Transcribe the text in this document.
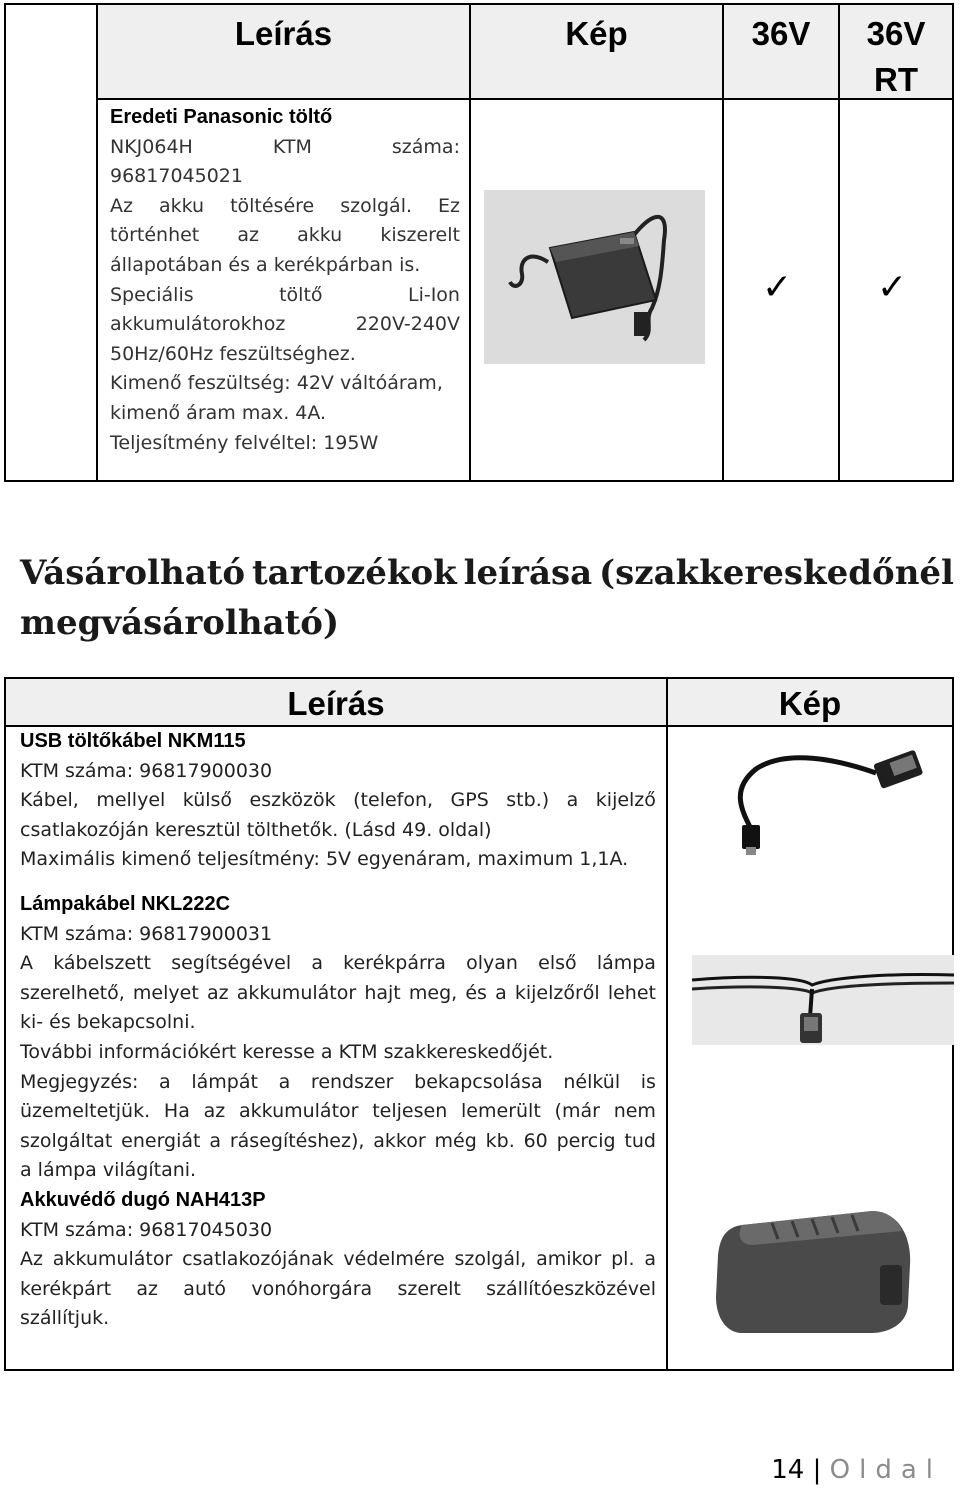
Leírás	Kép	36V	36V
RT
Eredeti Panasonic töltő
NKJ064H	KTM	száma:
96817045021
Az akku töltésére szolgál. Ez
történhet az akku kiszerelt
állapotában és a kerékpárban is.
Speciális	töltő	Li-Ion
akkumulátorokhoz	220V-240V
50Hz/60Hz feszültséghez.
Kimenő feszültség: 42V váltóáram,
kimenő áram max. 4A.
Teljesítmény felvéltel: 195W
✓ ✓
Vásárolható tartozékok leírása (szakkereskedőnél
megvásárolható)
Leírás	Kép
USB töltőkábel NKM115
KTM száma: 96817900030
Kábel, mellyel külső eszközök (telefon, GPS stb.) a kijelző
csatlakozóján keresztül tölthetők. (Lásd 49. oldal)
Maximális kimenő teljesítmény: 5V egyenáram, maximum 1,1A.
Lámpakábel NKL222C
KTM száma: 96817900031
A kábelszett segítségével a kerékpárra olyan első lámpa
szerelhető, melyet az akkumulátor hajt meg, és a kijelzőről lehet
ki- és bekapcsolni.
További információkért keresse a KTM szakkereskedőjét.
Megjegyzés: a lámpát a rendszer bekapcsolása nélkül is
üzemeltetjük. Ha az akkumulátor teljesen lemerült (már nem
szolgáltat energiát a rásegítéshez), akkor még kb. 60 percig tud
a lámpa világítani.
Akkuvédő dugó NAH413P
KTM száma: 96817045030
Az akkumulátor csatlakozójának védelmére szolgál, amikor pl. a
kerékpárt az autó vonóhorgára szerelt szállítóeszközével
szállítjuk.
14 | Oldal
